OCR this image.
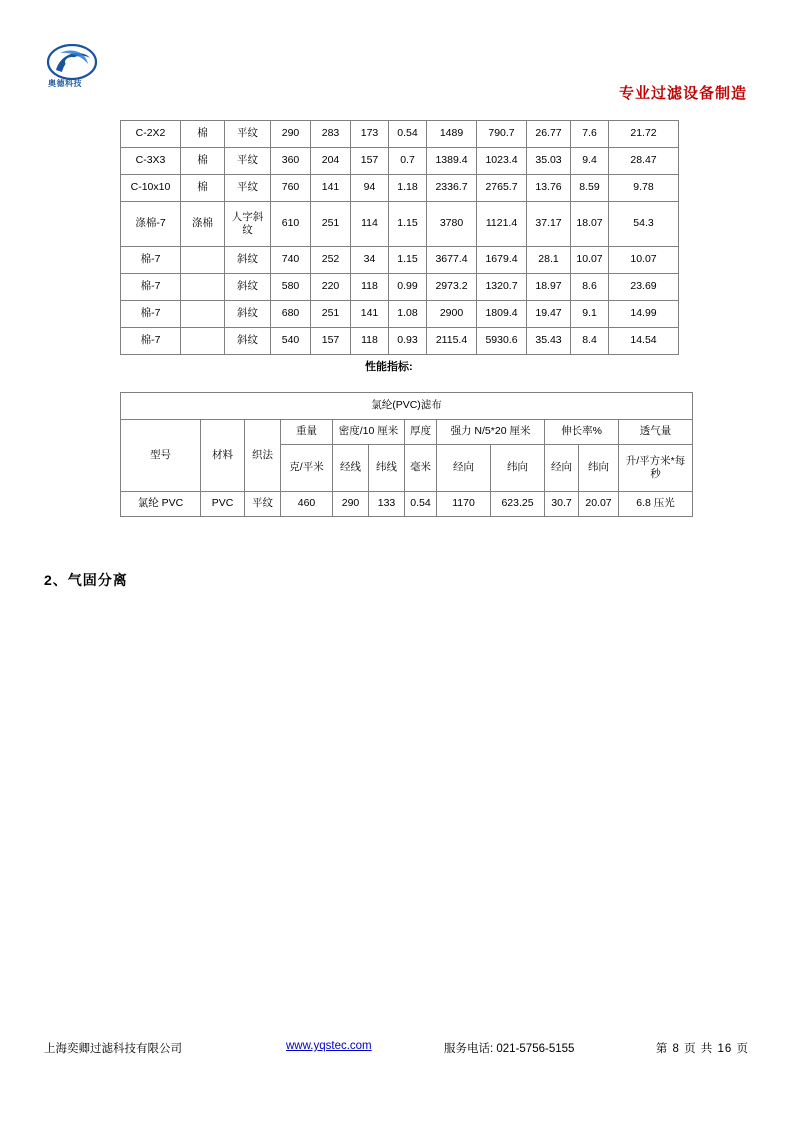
奥德科技
专业过滤设备制造
C-2X2	棉	平纹	290	283	173	0.54	1489	790.7	26.77	7.6	21.72
C-3X3	棉	平纹	360	204	157	0.7	1389.4	1023.4	35.03	9.4	28.47
C-10x10	棉	平纹	760	141	94	1.18	2336.7	2765.7	13.76	8.59	9.78
涤棉-7	涤棉	人字斜纹	610	251	114	1.15	3780	1121.4	37.17	18.07	54.3
棉-7		斜纹	740	252	34	1.15	3677.4	1679.4	28.1	10.07	10.07
棉-7		斜纹	580	220	118	0.99	2973.2	1320.7	18.97	8.6	23.69
棉-7		斜纹	680	251	141	1.08	2900	1809.4	19.47	9.1	14.99
棉-7		斜纹	540	157	118	0.93	2115.4	5930.6	35.43	8.4	14.54
性能指标:
氯纶(PVC)滤布											
型号	材料	织法	重量	密度/10 厘米		厚度	强力 N/5*20 厘米		伸长率%		透气量
			克/平米	经线	纬线	毫米	经向	纬向	经向	纬向	升/平方米*每秒
氯纶 PVC	PVC	平纹	460	290	133	0.54	1170	623.25	30.7	20.07	6.8 压光
2、气固分离
上海奕卿过滤科技有限公司	www.yqstec.com	服务电话: 021-5756-5155	第 8 页 共 16 页
